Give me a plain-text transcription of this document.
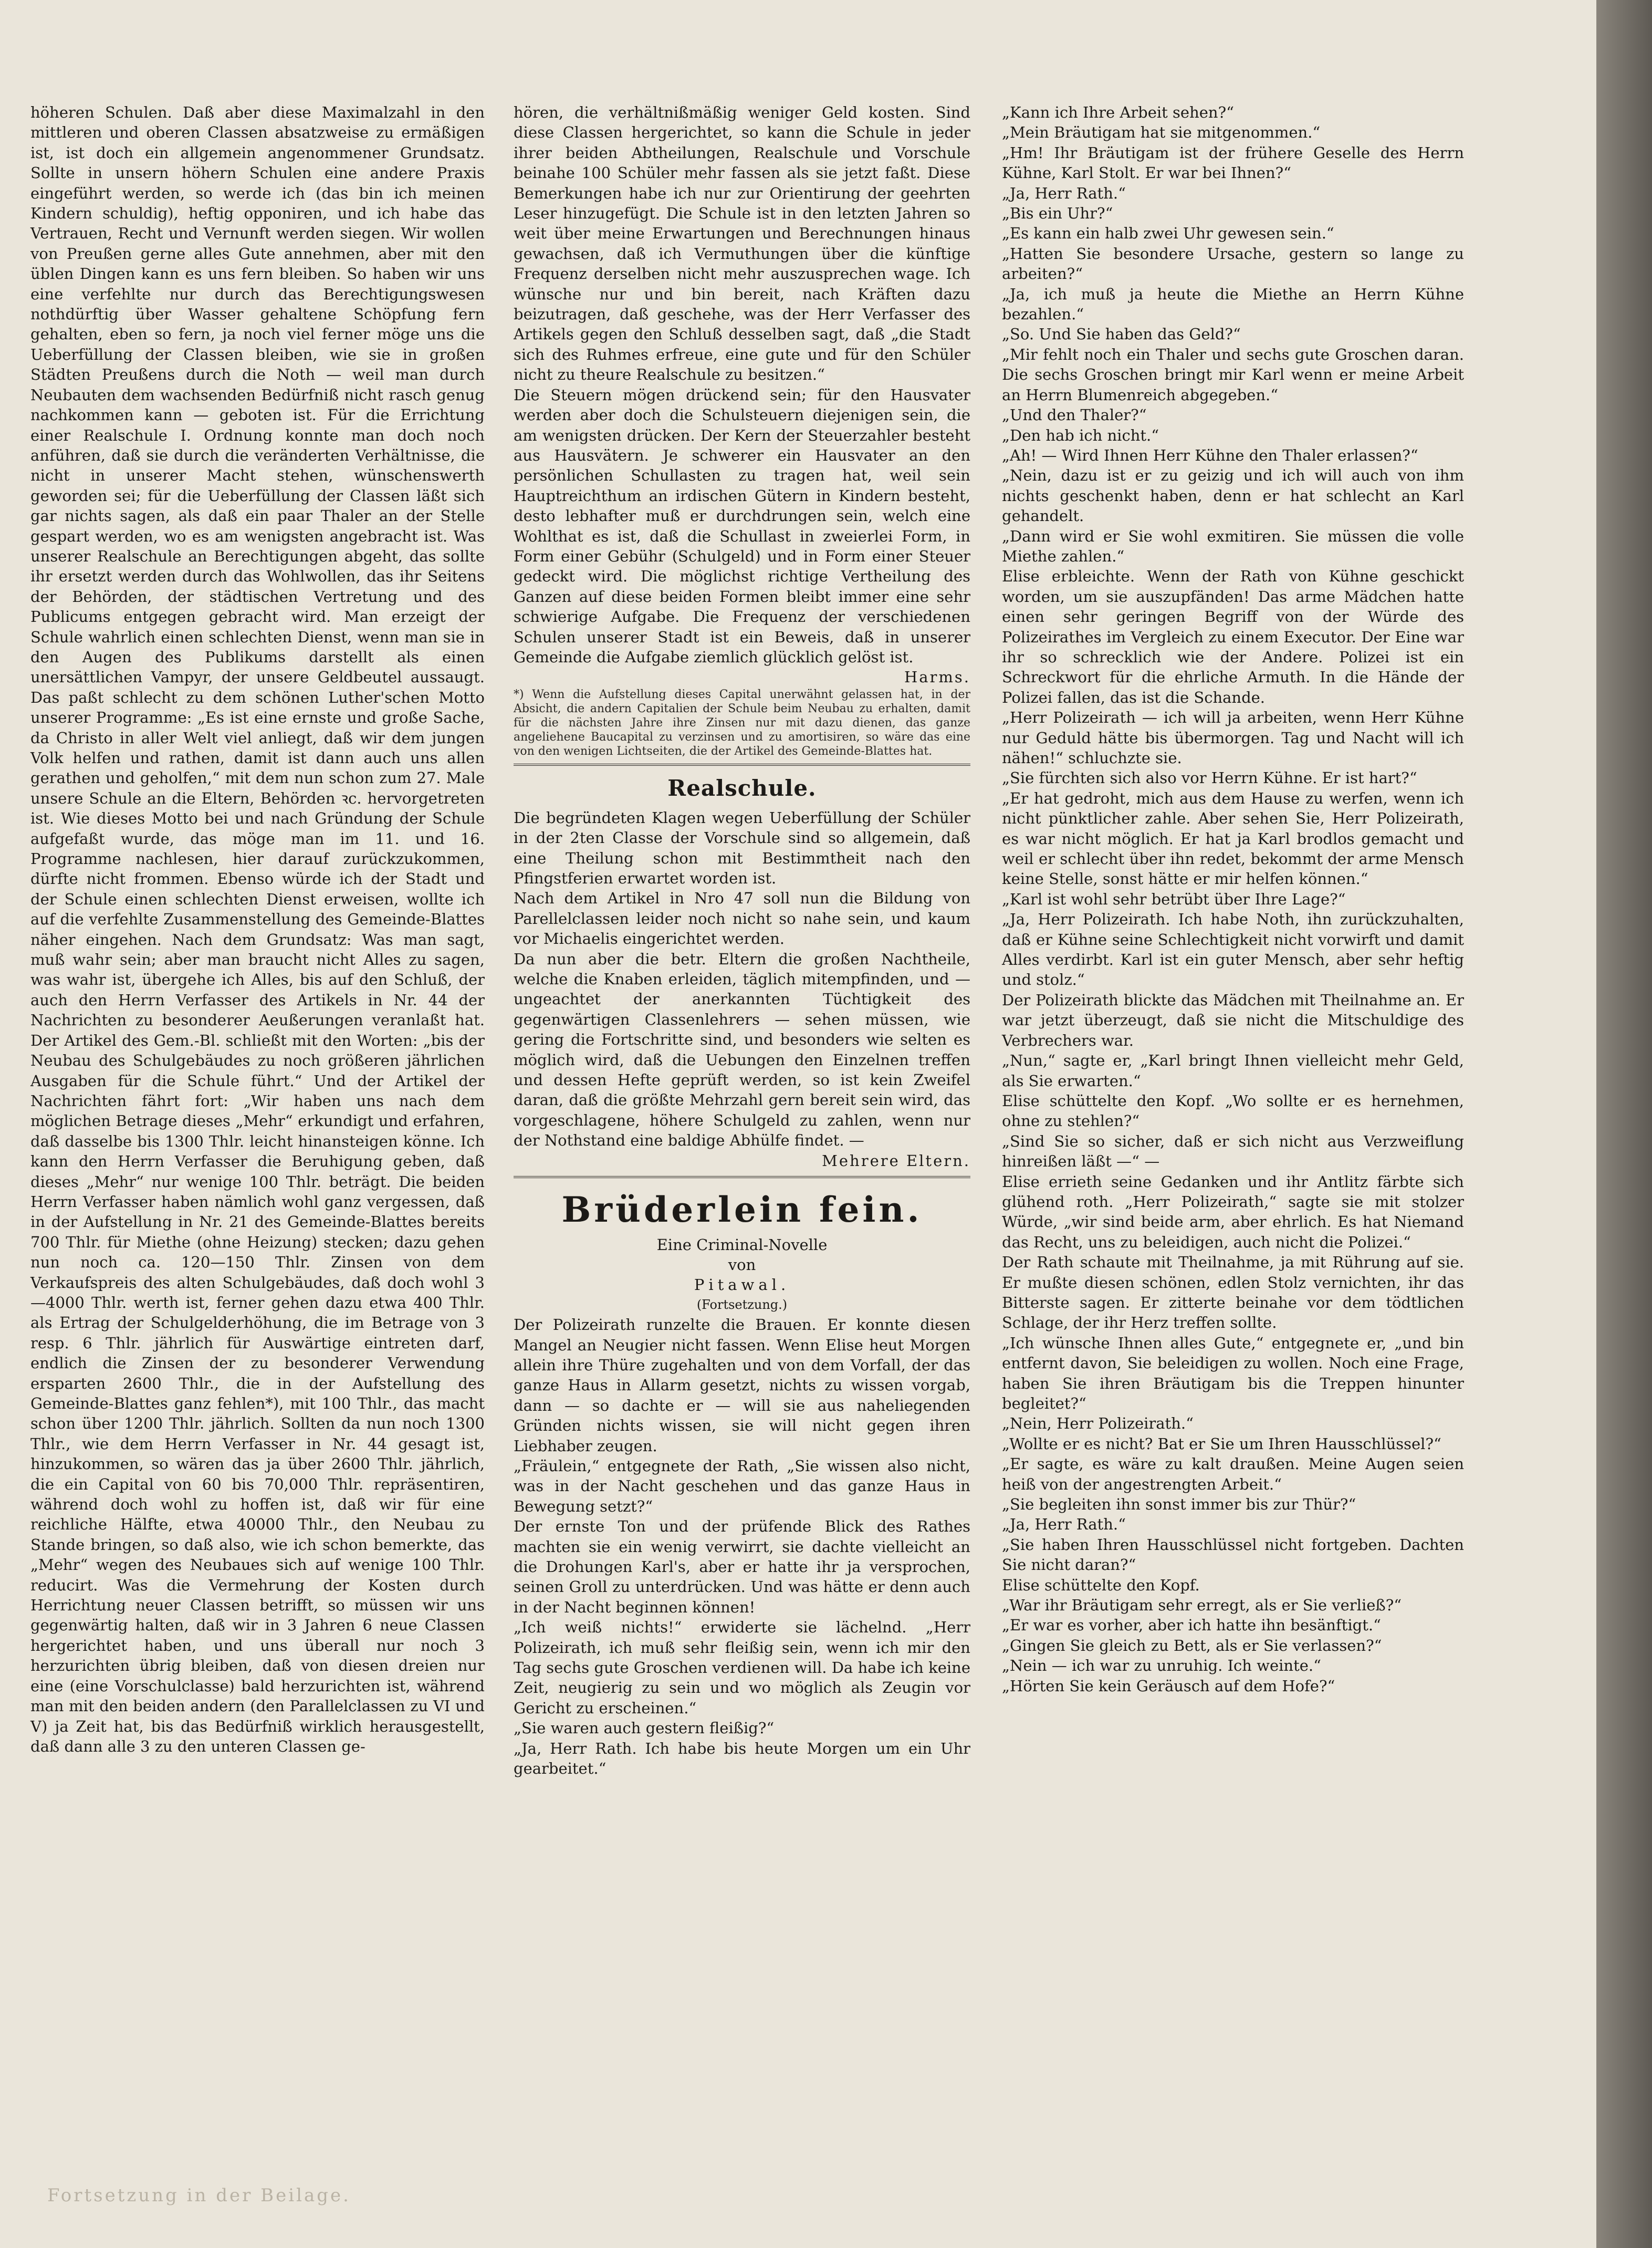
höheren Schulen. Daß aber diese Maximalzahl in den mittleren und oberen Classen absatzweise zu ermäßigen ist, ist doch ein allgemein angenommener Grundsatz. Sollte in unsern höhern Schulen eine andere Praxis eingeführt werden, so werde ich (das bin ich meinen Kindern schuldig), heftig opponiren, und ich habe das Vertrauen, Recht und Vernunft werden siegen. Wir wollen von Preußen gerne alles Gute annehmen, aber mit den üblen Dingen kann es uns fern bleiben. So haben wir uns eine verfehlte nur durch das Berechtigungswesen nothdürftig über Wasser gehaltene Schöpfung fern gehalten, eben so fern, ja noch viel ferner möge uns die Ueberfüllung der Classen bleiben, wie sie in großen Städten Preußens durch die Noth — weil man durch Neubauten dem wachsenden Bedürfniß nicht rasch genug nachkommen kann — geboten ist. Für die Errichtung einer Realschule I. Ordnung konnte man doch noch anführen, daß sie durch die veränderten Verhältnisse, die nicht in unserer Macht stehen, wünschenswerth geworden sei; für die Ueberfüllung der Classen läßt sich gar nichts sagen, als daß ein paar Thaler an der Stelle gespart werden, wo es am wenigsten angebracht ist. Was unserer Realschule an Berechtigungen abgeht, das sollte ihr ersetzt werden durch das Wohlwollen, das ihr Seitens der Behörden, der städtischen Vertretung und des Publicums entgegen gebracht wird. Man erzeigt der Schule wahrlich einen schlechten Dienst, wenn man sie in den Augen des Publikums darstellt als einen unersättlichen Vampyr, der unsere Geldbeutel aussaugt. Das paßt schlecht zu dem schönen Luther'schen Motto unserer Programme: „Es ist eine ernste und große Sache, da Christo in aller Welt viel anliegt, daß wir dem jungen Volk helfen und rathen, damit ist dann auch uns allen gerathen und geholfen,“ mit dem nun schon zum 27. Male unsere Schule an die Eltern, Behörden ꝛc. hervorgetreten ist. Wie dieses Motto bei und nach Gründung der Schule aufgefaßt wurde, das möge man im 11. und 16. Programme nachlesen, hier darauf zurückzukommen, dürfte nicht frommen. Ebenso würde ich der Stadt und der Schule einen schlechten Dienst erweisen, wollte ich auf die verfehlte Zusammenstellung des Gemeinde-Blattes näher eingehen. Nach dem Grundsatz: Was man sagt, muß wahr sein; aber man braucht nicht Alles zu sagen, was wahr ist, übergehe ich Alles, bis auf den Schluß, der auch den Herrn Verfasser des Artikels in Nr. 44 der Nachrichten zu besonderer Aeußerungen veranlaßt hat. Der Artikel des Gem.-Bl. schließt mit den Worten: „bis der Neubau des Schulgebäudes zu noch größeren jährlichen Ausgaben für die Schule führt.“ Und der Artikel der Nachrichten fährt fort: „Wir haben uns nach dem möglichen Betrage dieses „Mehr“ erkundigt und erfahren, daß dasselbe bis 1300 Thlr. leicht hinansteigen könne. Ich kann den Herrn Verfasser die Beruhigung geben, daß dieses „Mehr“ nur wenige 100 Thlr. beträgt. Die beiden Herrn Verfasser haben nämlich wohl ganz vergessen, daß in der Aufstellung in Nr. 21 des Gemeinde-Blattes bereits 700 Thlr. für Miethe (ohne Heizung) stecken; dazu gehen nun noch ca. 120—150 Thlr. Zinsen von dem Verkaufspreis des alten Schulgebäudes, daß doch wohl 3—4000 Thlr. werth ist, ferner gehen dazu etwa 400 Thlr. als Ertrag der Schulgelderhöhung, die im Betrage von 3 resp. 6 Thlr. jährlich für Auswärtige eintreten darf, endlich die Zinsen der zu besonderer Verwendung ersparten 2600 Thlr., die in der Aufstellung des Gemeinde-Blattes ganz fehlen*), mit 100 Thlr., das macht schon über 1200 Thlr. jährlich. Sollten da nun noch 1300 Thlr., wie dem Herrn Verfasser in Nr. 44 gesagt ist, hinzukommen, so wären das ja über 2600 Thlr. jährlich, die ein Capital von 60 bis 70,000 Thlr. repräsentiren, während doch wohl zu hoffen ist, daß wir für eine reichliche Hälfte, etwa 40000 Thlr., den Neubau zu Stande bringen, so daß also, wie ich schon bemerkte, das „Mehr“ wegen des Neubaues sich auf wenige 100 Thlr. reducirt. Was die Vermehrung der Kosten durch Herrichtung neuer Classen betrifft, so müssen wir uns gegenwärtig halten, daß wir in 3 Jahren 6 neue Classen hergerichtet haben, und uns überall nur noch 3 herzurichten übrig bleiben, daß von diesen dreien nur eine (eine Vorschulclasse) bald herzurichten ist, während man mit den beiden andern (den Parallelclassen zu VI und V) ja Zeit hat, bis das Bedürfniß wirklich herausgestellt, daß dann alle 3 zu den unteren Classen ge-

hören, die verhältnißmäßig weniger Geld kosten. Sind diese Classen hergerichtet, so kann die Schule in jeder ihrer beiden Abtheilungen, Realschule und Vorschule beinahe 100 Schüler mehr fassen als sie jetzt faßt. Diese Bemerkungen habe ich nur zur Orientirung der geehrten Leser hinzugefügt. Die Schule ist in den letzten Jahren so weit über meine Erwartungen und Berechnungen hinaus gewachsen, daß ich Vermuthungen über die künftige Frequenz derselben nicht mehr auszusprechen wage. Ich wünsche nur und bin bereit, nach Kräften dazu beizutragen, daß geschehe, was der Herr Verfasser des Artikels gegen den Schluß desselben sagt, daß „die Stadt sich des Ruhmes erfreue, eine gute und für den Schüler nicht zu theure Realschule zu besitzen.“

Die Steuern mögen drückend sein; für den Hausvater werden aber doch die Schulsteuern diejenigen sein, die am wenigsten drücken. Der Kern der Steuerzahler besteht aus Hausvätern. Je schwerer ein Hausvater an den persönlichen Schullasten zu tragen hat, weil sein Hauptreichthum an irdischen Gütern in Kindern besteht, desto lebhafter muß er durchdrungen sein, welch eine Wohlthat es ist, daß die Schullast in zweierlei Form, in Form einer Gebühr (Schulgeld) und in Form einer Steuer gedeckt wird. Die möglichst richtige Vertheilung des Ganzen auf diese beiden Formen bleibt immer eine sehr schwierige Aufgabe. Die Frequenz der verschiedenen Schulen unserer Stadt ist ein Beweis, daß in unserer Gemeinde die Aufgabe ziemlich glücklich gelöst ist.

Harms.

*) Wenn die Aufstellung dieses Capital unerwähnt gelassen hat, in der Absicht, die andern Capitalien der Schule beim Neubau zu erhalten, damit für die nächsten Jahre ihre Zinsen nur mit dazu dienen, das ganze angeliehene Baucapital zu verzinsen und zu amortisiren, so wäre das eine von den wenigen Lichtseiten, die der Artikel des Gemeinde-Blattes hat.

Realschule.

Die begründeten Klagen wegen Ueberfüllung der Schüler in der 2ten Classe der Vorschule sind so allgemein, daß eine Theilung schon mit Bestimmtheit nach den Pfingstferien erwartet worden ist.

Nach dem Artikel in Nro 47 soll nun die Bildung von Parellelclassen leider noch nicht so nahe sein, und kaum vor Michaelis eingerichtet werden.

Da nun aber die betr. Eltern die großen Nachtheile, welche die Knaben erleiden, täglich mitempfinden, und — ungeachtet der anerkannten Tüchtigkeit des gegenwärtigen Classenlehrers — sehen müssen, wie gering die Fortschritte sind, und besonders wie selten es möglich wird, daß die Uebungen den Einzelnen treffen und dessen Hefte geprüft werden, so ist kein Zweifel daran, daß die größte Mehrzahl gern bereit sein wird, das vorgeschlagene, höhere Schulgeld zu zahlen, wenn nur der Nothstand eine baldige Abhülfe findet. —

Mehrere Eltern.

Brüderlein fein.
Eine Criminal-Novelle
von
Pitawal.
(Fortsetzung.)

Der Polizeirath runzelte die Brauen. Er konnte diesen Mangel an Neugier nicht fassen. Wenn Elise heut Morgen allein ihre Thüre zugehalten und von dem Vorfall, der das ganze Haus in Allarm gesetzt, nichts zu wissen vorgab, dann — so dachte er — will sie aus naheliegenden Gründen nichts wissen, sie will nicht gegen ihren Liebhaber zeugen.

„Fräulein,“ entgegnete der Rath, „Sie wissen also nicht, was in der Nacht geschehen und das ganze Haus in Bewegung setzt?“

Der ernste Ton und der prüfende Blick des Rathes machten sie ein wenig verwirrt, sie dachte vielleicht an die Drohungen Karl's, aber er hatte ihr ja versprochen, seinen Groll zu unterdrücken. Und was hätte er denn auch in der Nacht beginnen können!

„Ich weiß nichts!“ erwiderte sie lächelnd. „Herr Polizeirath, ich muß sehr fleißig sein, wenn ich mir den Tag sechs gute Groschen verdienen will. Da habe ich keine Zeit, neugierig zu sein und wo möglich als Zeugin vor Gericht zu erscheinen.“

„Sie waren auch gestern fleißig?“

„Ja, Herr Rath. Ich habe bis heute Morgen um ein Uhr gearbeitet.“

„Kann ich Ihre Arbeit sehen?“

„Mein Bräutigam hat sie mitgenommen.“

„Hm! Ihr Bräutigam ist der frühere Geselle des Herrn Kühne, Karl Stolt. Er war bei Ihnen?“

„Ja, Herr Rath.“

„Bis ein Uhr?“

„Es kann ein halb zwei Uhr gewesen sein.“

„Hatten Sie besondere Ursache, gestern so lange zu arbeiten?“

„Ja, ich muß ja heute die Miethe an Herrn Kühne bezahlen.“

„So. Und Sie haben das Geld?“

„Mir fehlt noch ein Thaler und sechs gute Groschen daran. Die sechs Groschen bringt mir Karl wenn er meine Arbeit an Herrn Blumenreich abgegeben.“

„Und den Thaler?“

„Den hab ich nicht.“

„Ah! — Wird Ihnen Herr Kühne den Thaler erlassen?“

„Nein, dazu ist er zu geizig und ich will auch von ihm nichts geschenkt haben, denn er hat schlecht an Karl gehandelt.

„Dann wird er Sie wohl exmitiren. Sie müssen die volle Miethe zahlen.“

Elise erbleichte. Wenn der Rath von Kühne geschickt worden, um sie auszupfänden! Das arme Mädchen hatte einen sehr geringen Begriff von der Würde des Polizeirathes im Vergleich zu einem Executor. Der Eine war ihr so schrecklich wie der Andere. Polizei ist ein Schreckwort für die ehrliche Armuth. In die Hände der Polizei fallen, das ist die Schande.

„Herr Polizeirath — ich will ja arbeiten, wenn Herr Kühne nur Geduld hätte bis übermorgen. Tag und Nacht will ich nähen!“ schluchzte sie.

„Sie fürchten sich also vor Herrn Kühne. Er ist hart?“

„Er hat gedroht, mich aus dem Hause zu werfen, wenn ich nicht pünktlicher zahle. Aber sehen Sie, Herr Polizeirath, es war nicht möglich. Er hat ja Karl brodlos gemacht und weil er schlecht über ihn redet, bekommt der arme Mensch keine Stelle, sonst hätte er mir helfen können.“

„Karl ist wohl sehr betrübt über Ihre Lage?“

„Ja, Herr Polizeirath. Ich habe Noth, ihn zurückzuhalten, daß er Kühne seine Schlechtigkeit nicht vorwirft und damit Alles verdirbt. Karl ist ein guter Mensch, aber sehr heftig und stolz.“

Der Polizeirath blickte das Mädchen mit Theilnahme an. Er war jetzt überzeugt, daß sie nicht die Mitschuldige des Verbrechers war.

„Nun,“ sagte er, „Karl bringt Ihnen vielleicht mehr Geld, als Sie erwarten.“

Elise schüttelte den Kopf. „Wo sollte er es hernehmen, ohne zu stehlen?“

„Sind Sie so sicher, daß er sich nicht aus Verzweiflung hinreißen läßt —“ —

Elise errieth seine Gedanken und ihr Antlitz färbte sich glühend roth. „Herr Polizeirath,“ sagte sie mit stolzer Würde, „wir sind beide arm, aber ehrlich. Es hat Niemand das Recht, uns zu beleidigen, auch nicht die Polizei.“

Der Rath schaute mit Theilnahme, ja mit Rührung auf sie. Er mußte diesen schönen, edlen Stolz vernichten, ihr das Bitterste sagen. Er zitterte beinahe vor dem tödtlichen Schlage, der ihr Herz treffen sollte.

„Ich wünsche Ihnen alles Gute,“ entgegnete er, „und bin entfernt davon, Sie beleidigen zu wollen. Noch eine Frage, haben Sie ihren Bräutigam bis die Treppen hinunter begleitet?“

„Nein, Herr Polizeirath.“

„Wollte er es nicht? Bat er Sie um Ihren Hausschlüssel?“

„Er sagte, es wäre zu kalt draußen. Meine Augen seien heiß von der angestrengten Arbeit.“

„Sie begleiten ihn sonst immer bis zur Thür?“

„Ja, Herr Rath.“

„Sie haben Ihren Hausschlüssel nicht fortgeben. Dachten Sie nicht daran?“

Elise schüttelte den Kopf.

„War ihr Bräutigam sehr erregt, als er Sie verließ?“

„Er war es vorher, aber ich hatte ihn besänftigt.“

„Gingen Sie gleich zu Bett, als er Sie verlassen?“

„Nein — ich war zu unruhig. Ich weinte.“

„Hörten Sie kein Geräusch auf dem Hofe?“

Fortsetzung in der Beilage.
